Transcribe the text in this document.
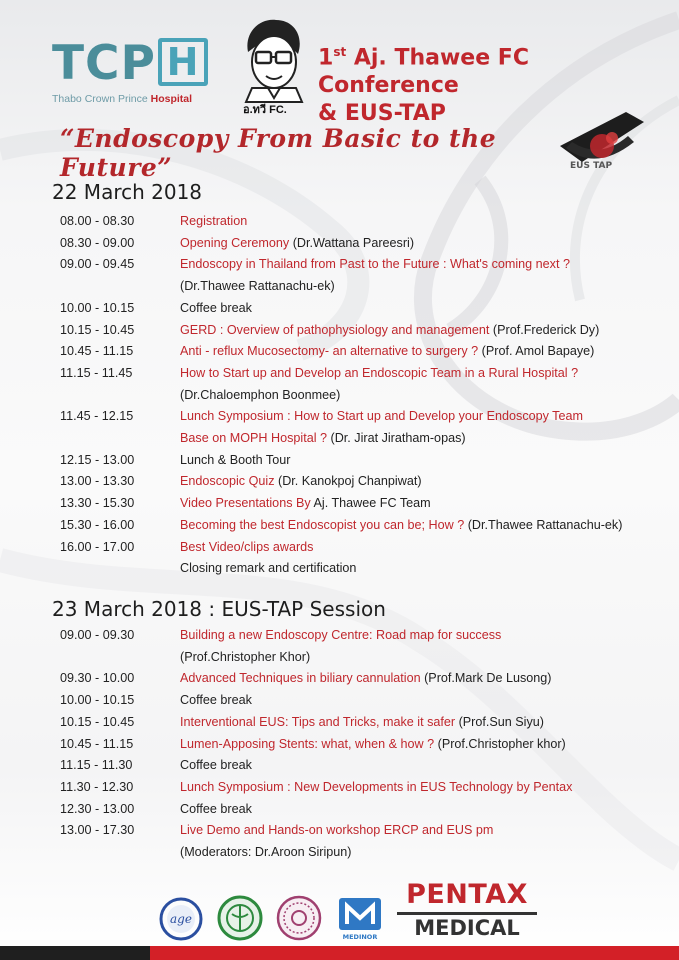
TCP H
Thabo Crown Prince Hospital
อ.ทวี FC.
1st Aj. Thawee FC Conference
& EUS-TAP
“Endoscopy From Basic to the Future”	EUS TAP
22 March 2018
08.00 - 08.30	Registration
08.30 - 09.00	Opening Ceremony (Dr.Wattana Pareesri)
09.00 - 09.45	Endoscopy in Thailand from Past to the Future : What's coming next ?
(Dr.Thawee Rattanachu-ek)
10.00 - 10.15	Coffee break
10.15 - 10.45	GERD : Overview of pathophysiology and management (Prof.Frederick Dy)
10.45 - 11.15	Anti - reflux Mucosectomy- an alternative to surgery ? (Prof. Amol Bapaye)
11.15 - 11.45	How to Start up and Develop an Endoscopic Team in a Rural Hospital ?
(Dr.Chaloemphon Boonmee)
11.45 - 12.15	Lunch Symposium : How to Start up and Develop your Endoscopy Team
Base on MOPH Hospital ? (Dr. Jirat Jiratham-opas)
12.15 - 13.00	Lunch & Booth Tour
13.00 - 13.30	Endoscopic Quiz (Dr. Kanokpoj Chanpiwat)
13.30 - 15.30	Video Presentations By Aj. Thawee FC Team
15.30 - 16.00	Becoming the best Endoscopist you can be; How ? (Dr.Thawee Rattanachu-ek)
16.00 - 17.00	Best Video/clips awards
Closing remark and certification
23 March 2018 : EUS-TAP Session
09.00 - 09.30	Building a new Endoscopy Centre: Road map for success
(Prof.Christopher Khor)
09.30 - 10.00	Advanced Techniques in biliary cannulation (Prof.Mark De Lusong)
10.00 - 10.15	Coffee break
10.15 - 10.45	Interventional EUS: Tips and Tricks, make it safer (Prof.Sun Siyu)
10.45 - 11.15	Lumen-Apposing Stents: what, when & how ? (Prof.Christopher khor)
11.15 - 11.30	Coffee break
11.30 - 12.30	Lunch Symposium : New Developments in EUS Technology by Pentax
12.30 - 13.00	Coffee break
13.00 - 17.30	Live Demo and Hands-on workshop ERCP and EUS pm
(Moderators: Dr.Aroon Siripun)
age
MEDINOR
PENTAX
MEDICAL
